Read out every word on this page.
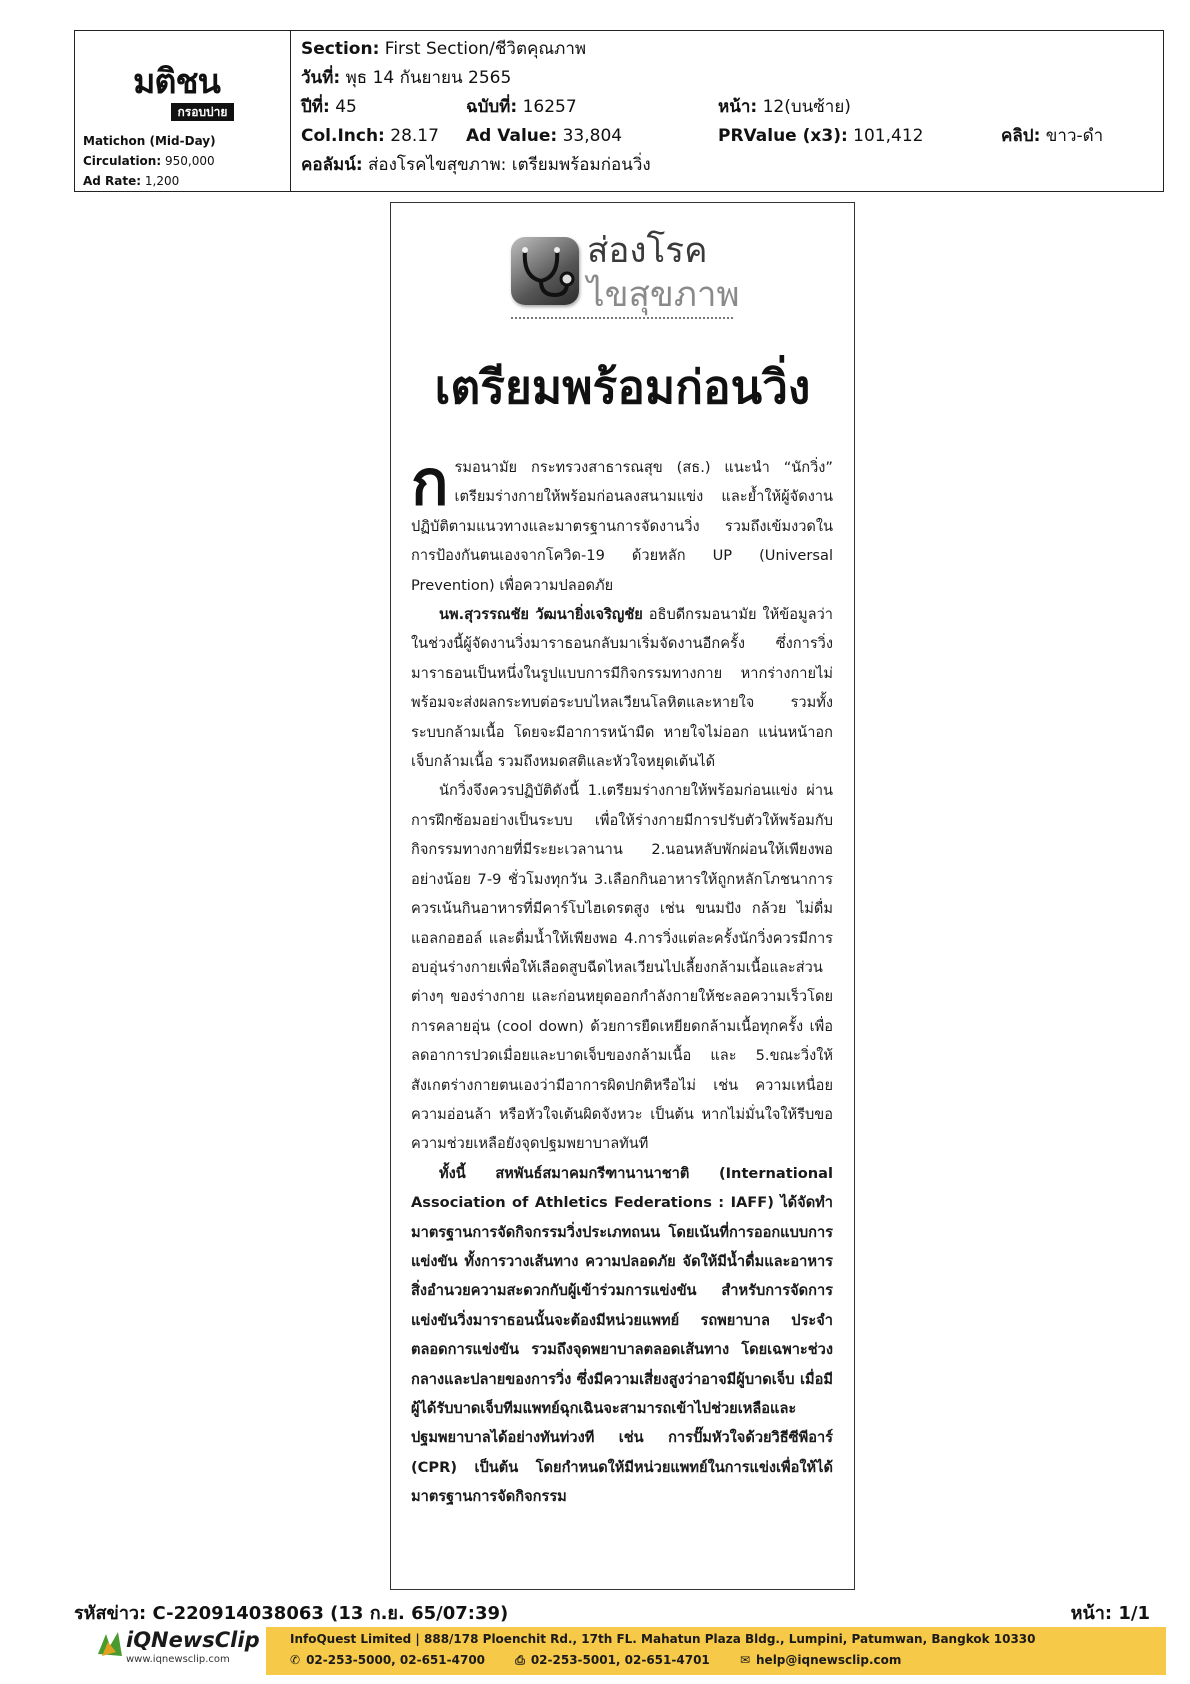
มติชน
กรอบบ่าย
Matichon (Mid-Day)
Circulation: 950,000
Ad Rate: 1,200
Section: First Section/ชีวิตคุณภาพ
วันที่: พุธ 14 กันยายน 2565
ปีที่: 45	ฉบับที่: 16257	หน้า: 12(บนซ้าย)
Col.Inch: 28.17 Ad Value: 33,804	PRValue (x3): 101,412	คลิป: ขาว-ดำ
คอลัมน์: ส่องโรคไขสุขภาพ: เตรียมพร้อมก่อนวิ่ง
ส่องโรค
ไขสุขภาพ
เตรียมพร้อมก่อนวิ่ง

กรมอนามัย กระทรวงสาธารณสุข (สธ.) แนะนำ “นักวิ่ง” เตรียมร่างกายให้พร้อมก่อนลงสนามแข่ง และย้ำให้ผู้จัดงานปฏิบัติตามแนวทางและมาตรฐานการจัดงานวิ่ง รวมถึงเข้มงวดในการป้องกันตนเองจากโควิด-19 ด้วยหลัก UP (Universal Prevention) เพื่อความปลอดภัย

นพ.สุวรรณชัย วัฒนายิ่งเจริญชัย อธิบดีกรมอนามัย ให้ข้อมูลว่า ในช่วงนี้ผู้จัดงานวิ่งมาราธอนกลับมาเริ่มจัดงานอีกครั้ง ซึ่งการวิ่งมาราธอนเป็นหนึ่งในรูปแบบการมีกิจกรรมทางกาย หากร่างกายไม่พร้อมจะส่งผลกระทบต่อระบบไหลเวียนโลหิตและหายใจ รวมทั้งระบบกล้ามเนื้อ โดยจะมีอาการหน้ามืด หายใจไม่ออก แน่นหน้าอก เจ็บกล้ามเนื้อ รวมถึงหมดสติและหัวใจหยุดเต้นได้

นักวิ่งจึงควรปฏิบัติดังนี้ 1.เตรียมร่างกายให้พร้อมก่อนแข่ง ผ่านการฝึกซ้อมอย่างเป็นระบบ เพื่อให้ร่างกายมีการปรับตัวให้พร้อมกับกิจกรรมทางกายที่มีระยะเวลานาน 2.นอนหลับพักผ่อนให้เพียงพออย่างน้อย 7-9 ชั่วโมงทุกวัน 3.เลือกกินอาหารให้ถูกหลักโภชนาการ ควรเน้นกินอาหารที่มีคาร์โบไฮเดรตสูง เช่น ขนมปัง กล้วย ไม่ดื่มแอลกอฮอล์ และดื่มน้ำให้เพียงพอ 4.การวิ่งแต่ละครั้งนักวิ่งควรมีการอบอุ่นร่างกายเพื่อให้เลือดสูบฉีดไหลเวียนไปเลี้ยงกล้ามเนื้อและส่วนต่างๆ ของร่างกาย และก่อนหยุดออกกำลังกายให้ชะลอความเร็วโดยการคลายอุ่น (cool down) ด้วยการยืดเหยียดกล้ามเนื้อทุกครั้ง เพื่อลดอาการปวดเมื่อยและบาดเจ็บของกล้ามเนื้อ และ 5.ขณะวิ่งให้สังเกตร่างกายตนเองว่ามีอาการผิดปกติหรือไม่ เช่น ความเหนื่อย ความอ่อนล้า หรือหัวใจเต้นผิดจังหวะ เป็นต้น หากไม่มั่นใจให้รีบขอความช่วยเหลือยังจุดปฐมพยาบาลทันที

ทั้งนี้ สหพันธ์สมาคมกรีฑานานาชาติ (International Association of Athletics Federations : IAFF) ได้จัดทำมาตรฐานการจัดกิจกรรมวิ่งประเภทถนน โดยเน้นที่การออกแบบการแข่งขัน ทั้งการวางเส้นทาง ความปลอดภัย จัดให้มีน้ำดื่มและอาหาร สิ่งอำนวยความสะดวกกับผู้เข้าร่วมการแข่งขัน สำหรับการจัดการแข่งขันวิ่งมาราธอนนั้นจะต้องมีหน่วยแพทย์ รถพยาบาล ประจำตลอดการแข่งขัน รวมถึงจุดพยาบาลตลอดเส้นทาง โดยเฉพาะช่วงกลางและปลายของการวิ่ง ซึ่งมีความเสี่ยงสูงว่าอาจมีผู้บาดเจ็บ เมื่อมีผู้ได้รับบาดเจ็บทีมแพทย์ฉุกเฉินจะสามารถเข้าไปช่วยเหลือและปฐมพยาบาลได้อย่างทันท่วงที เช่น การปั๊มหัวใจด้วยวิธีซีพีอาร์ (CPR) เป็นต้น โดยกำหนดให้มีหน่วยแพทย์ในการแข่งเพื่อให้ได้มาตรฐานการจัดกิจกรรม

รหัสข่าว: C-220914038063 (13 ก.ย. 65/07:39)	หน้า: 1/1
iQNewsClip
www.iqnewsclip.com
InfoQuest Limited | 888/178 Ploenchit Rd., 17th FL. Mahatun Plaza Bldg., Lumpini, Patumwan, Bangkok 10330
✆ 02-253-5000, 02-651-4700	⎙ 02-253-5001, 02-651-4701	✉ help@iqnewsclip.com
